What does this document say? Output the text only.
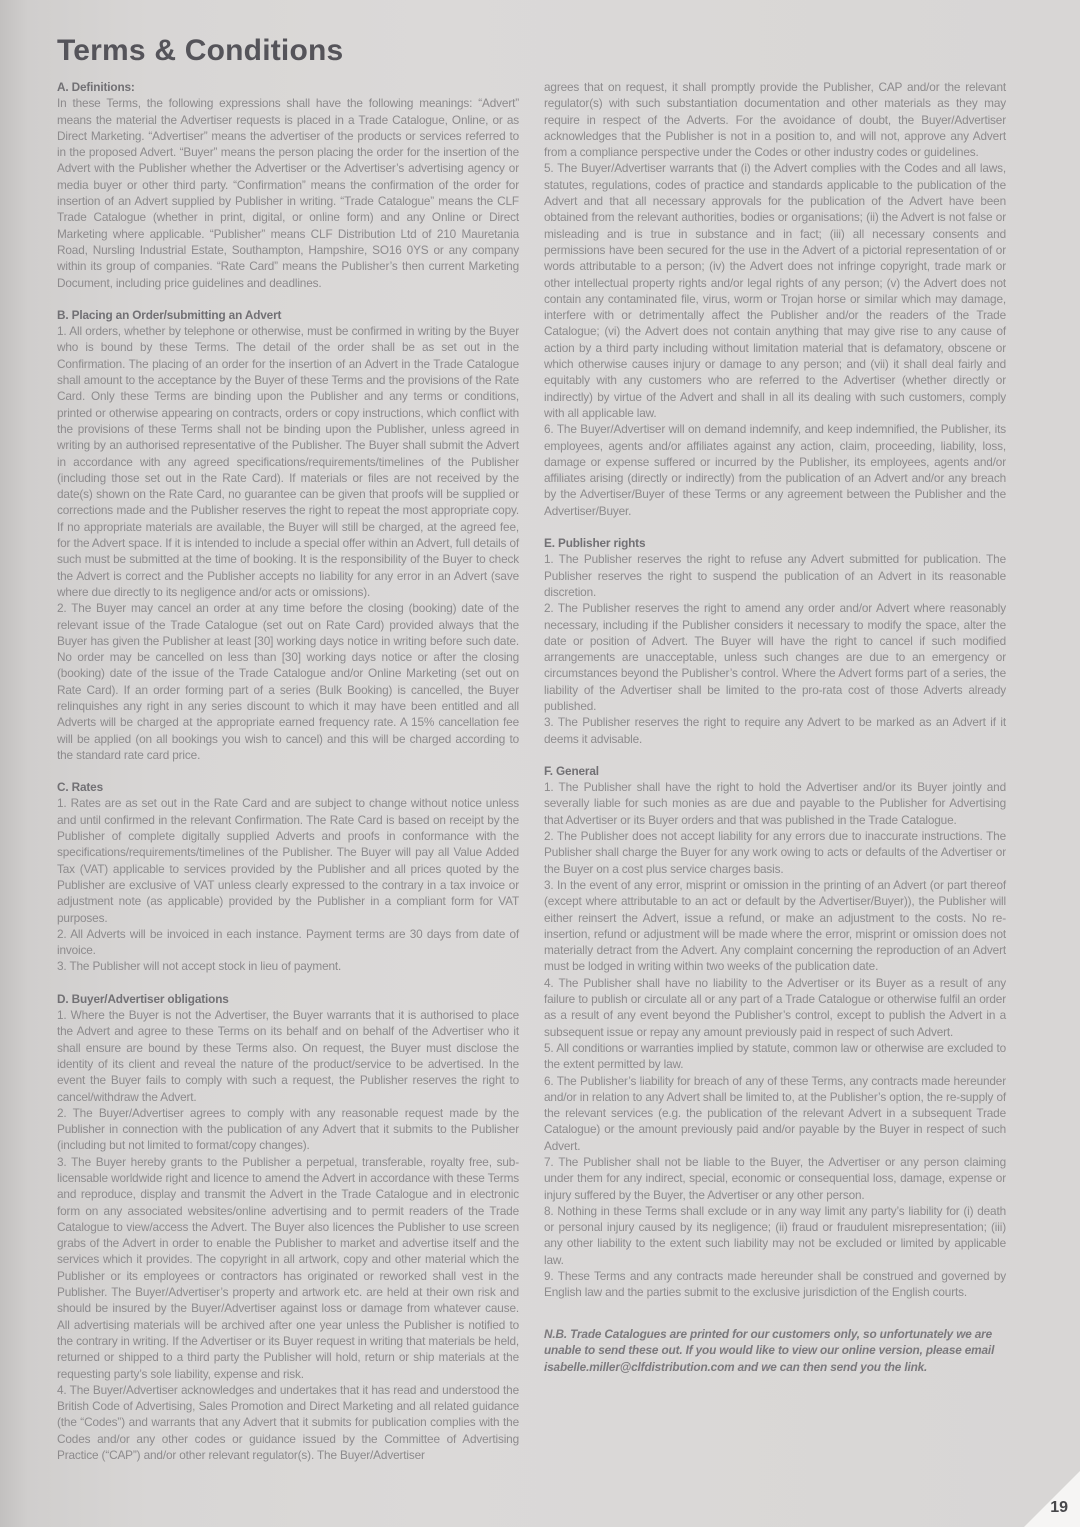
Terms & Conditions

A. Definitions:

In these Terms, the following expressions shall have the following meanings: “Advert” means the material the Advertiser requests is placed in a Trade Catalogue, Online, or as Direct Marketing. “Advertiser” means the advertiser of the products or services referred to in the proposed Advert. “Buyer” means the person placing the order for the insertion of the Advert with the Publisher whether the Advertiser or the Advertiser’s advertising agency or media buyer or other third party. “Confirmation” means the confirmation of the order for insertion of an Advert supplied by Publisher in writing. “Trade Catalogue” means the CLF Trade Catalogue (whether in print, digital, or online form) and any Online or Direct Marketing where applicable. “Publisher” means CLF Distribution Ltd of 210 Mauretania Road, Nursling Industrial Estate, Southampton, Hampshire, SO16 0YS or any company within its group of companies. “Rate Card” means the Publisher’s then current Marketing Document, including price guidelines and deadlines.

B. Placing an Order/submitting an Advert

1. All orders, whether by telephone or otherwise, must be confirmed in writing by the Buyer who is bound by these Terms. The detail of the order shall be as set out in the Confirmation. The placing of an order for the insertion of an Advert in the Trade Catalogue shall amount to the acceptance by the Buyer of these Terms and the provisions of the Rate Card. Only these Terms are binding upon the Publisher and any terms or conditions, printed or otherwise appearing on contracts, orders or copy instructions, which conflict with the provisions of these Terms shall not be binding upon the Publisher, unless agreed in writing by an authorised representative of the Publisher. The Buyer shall submit the Advert in accordance with any agreed specifications/requirements/timelines of the Publisher (including those set out in the Rate Card). If materials or files are not received by the date(s) shown on the Rate Card, no guarantee can be given that proofs will be supplied or corrections made and the Publisher reserves the right to repeat the most appropriate copy. If no appropriate materials are available, the Buyer will still be charged, at the agreed fee, for the Advert space. If it is intended to include a special offer within an Advert, full details of such must be submitted at the time of booking. It is the responsibility of the Buyer to check the Advert is correct and the Publisher accepts no liability for any error in an Advert (save where due directly to its negligence and/or acts or omissions).

2. The Buyer may cancel an order at any time before the closing (booking) date of the relevant issue of the Trade Catalogue (set out on Rate Card) provided always that the Buyer has given the Publisher at least [30] working days notice in writing before such date. No order may be cancelled on less than [30] working days notice or after the closing (booking) date of the issue of the Trade Catalogue and/or Online Marketing (set out on Rate Card). If an order forming part of a series (Bulk Booking) is cancelled, the Buyer relinquishes any right in any series discount to which it may have been entitled and all Adverts will be charged at the appropriate earned frequency rate. A 15% cancellation fee will be applied (on all bookings you wish to cancel) and this will be charged according to the standard rate card price.

C. Rates

1. Rates are as set out in the Rate Card and are subject to change without notice unless and until confirmed in the relevant Confirmation. The Rate Card is based on receipt by the Publisher of complete digitally supplied Adverts and proofs in conformance with the specifications/requirements/timelines of the Publisher. The Buyer will pay all Value Added Tax (VAT) applicable to services provided by the Publisher and all prices quoted by the Publisher are exclusive of VAT unless clearly expressed to the contrary in a tax invoice or adjustment note (as applicable) provided by the Publisher in a compliant form for VAT purposes.

2. All Adverts will be invoiced in each instance. Payment terms are 30 days from date of invoice.

3. The Publisher will not accept stock in lieu of payment.

D. Buyer/Advertiser obligations

1. Where the Buyer is not the Advertiser, the Buyer warrants that it is authorised to place the Advert and agree to these Terms on its behalf and on behalf of the Advertiser who it shall ensure are bound by these Terms also. On request, the Buyer must disclose the identity of its client and reveal the nature of the product/service to be advertised. In the event the Buyer fails to comply with such a request, the Publisher reserves the right to cancel/withdraw the Advert.

2. The Buyer/Advertiser agrees to comply with any reasonable request made by the Publisher in connection with the publication of any Advert that it submits to the Publisher (including but not limited to format/copy changes).

3. The Buyer hereby grants to the Publisher a perpetual, transferable, royalty free, sub-licensable worldwide right and licence to amend the Advert in accordance with these Terms and reproduce, display and transmit the Advert in the Trade Catalogue and in electronic form on any associated websites/online advertising and to permit readers of the Trade Catalogue to view/access the Advert. The Buyer also licences the Publisher to use screen grabs of the Advert in order to enable the Publisher to market and advertise itself and the services which it provides. The copyright in all artwork, copy and other material which the Publisher or its employees or contractors has originated or reworked shall vest in the Publisher. The Buyer/Advertiser’s property and artwork etc. are held at their own risk and should be insured by the Buyer/Advertiser against loss or damage from whatever cause. All advertising materials will be archived after one year unless the Publisher is notified to the contrary in writing. If the Advertiser or its Buyer request in writing that materials be held, returned or shipped to a third party the Publisher will hold, return or ship materials at the requesting party’s sole liability, expense and risk.

4. The Buyer/Advertiser acknowledges and undertakes that it has read and understood the British Code of Advertising, Sales Promotion and Direct Marketing and all related guidance (the “Codes”) and warrants that any Advert that it submits for publication complies with the Codes and/or any other codes or guidance issued by the Committee of Advertising Practice (“CAP”) and/or other relevant regulator(s). The Buyer/Advertiser

agrees that on request, it shall promptly provide the Publisher, CAP and/or the relevant regulator(s) with such substantiation documentation and other materials as they may require in respect of the Adverts. For the avoidance of doubt, the Buyer/Advertiser acknowledges that the Publisher is not in a position to, and will not, approve any Advert from a compliance perspective under the Codes or other industry codes or guidelines.

5. The Buyer/Advertiser warrants that (i) the Advert complies with the Codes and all laws, statutes, regulations, codes of practice and standards applicable to the publication of the Advert and that all necessary approvals for the publication of the Advert have been obtained from the relevant authorities, bodies or organisations; (ii) the Advert is not false or misleading and is true in substance and in fact; (iii) all necessary consents and permissions have been secured for the use in the Advert of a pictorial representation of or words attributable to a person; (iv) the Advert does not infringe copyright, trade mark or other intellectual property rights and/or legal rights of any person; (v) the Advert does not contain any contaminated file, virus, worm or Trojan horse or similar which may damage, interfere with or detrimentally affect the Publisher and/or the readers of the Trade Catalogue; (vi) the Advert does not contain anything that may give rise to any cause of action by a third party including without limitation material that is defamatory, obscene or which otherwise causes injury or damage to any person; and (vii) it shall deal fairly and equitably with any customers who are referred to the Advertiser (whether directly or indirectly) by virtue of the Advert and shall in all its dealing with such customers, comply with all applicable law.

6. The Buyer/Advertiser will on demand indemnify, and keep indemnified, the Publisher, its employees, agents and/or affiliates against any action, claim, proceeding, liability, loss, damage or expense suffered or incurred by the Publisher, its employees, agents and/or affiliates arising (directly or indirectly) from the publication of an Advert and/or any breach by the Advertiser/Buyer of these Terms or any agreement between the Publisher and the Advertiser/Buyer.

E. Publisher rights

1. The Publisher reserves the right to refuse any Advert submitted for publication. The Publisher reserves the right to suspend the publication of an Advert in its reasonable discretion.

2. The Publisher reserves the right to amend any order and/or Advert where reasonably necessary, including if the Publisher considers it necessary to modify the space, alter the date or position of Advert. The Buyer will have the right to cancel if such modified arrangements are unacceptable, unless such changes are due to an emergency or circumstances beyond the Publisher’s control. Where the Advert forms part of a series, the liability of the Advertiser shall be limited to the pro-rata cost of those Adverts already published.

3. The Publisher reserves the right to require any Advert to be marked as an Advert if it deems it advisable.

F. General

1. The Publisher shall have the right to hold the Advertiser and/or its Buyer jointly and severally liable for such monies as are due and payable to the Publisher for Advertising that Advertiser or its Buyer orders and that was published in the Trade Catalogue.

2. The Publisher does not accept liability for any errors due to inaccurate instructions. The Publisher shall charge the Buyer for any work owing to acts or defaults of the Advertiser or the Buyer on a cost plus service charges basis.

3. In the event of any error, misprint or omission in the printing of an Advert (or part thereof (except where attributable to an act or default by the Advertiser/Buyer)), the Publisher will either reinsert the Advert, issue a refund, or make an adjustment to the costs. No re-insertion, refund or adjustment will be made where the error, misprint or omission does not materially detract from the Advert. Any complaint concerning the reproduction of an Advert must be lodged in writing within two weeks of the publication date.

4. The Publisher shall have no liability to the Advertiser or its Buyer as a result of any failure to publish or circulate all or any part of a Trade Catalogue or otherwise fulfil an order as a result of any event beyond the Publisher’s control, except to publish the Advert in a subsequent issue or repay any amount previously paid in respect of such Advert.

5. All conditions or warranties implied by statute, common law or otherwise are excluded to the extent permitted by law.

6. The Publisher’s liability for breach of any of these Terms, any contracts made hereunder and/or in relation to any Advert shall be limited to, at the Publisher’s option, the re-supply of the relevant services (e.g. the publication of the relevant Advert in a subsequent Trade Catalogue) or the amount previously paid and/or payable by the Buyer in respect of such Advert.

7. The Publisher shall not be liable to the Buyer, the Advertiser or any person claiming under them for any indirect, special, economic or consequential loss, damage, expense or injury suffered by the Buyer, the Advertiser or any other person.

8. Nothing in these Terms shall exclude or in any way limit any party’s liability for (i) death or personal injury caused by its negligence; (ii) fraud or fraudulent misrepresentation; (iii) any other liability to the extent such liability may not be excluded or limited by applicable law.

9. These Terms and any contracts made hereunder shall be construed and governed by English law and the parties submit to the exclusive jurisdiction of the English courts.

N.B. Trade Catalogues are printed for our customers only, so unfortunately we are unable to send these out. If you would like to view our online version, please email isabelle.miller@clfdistribution.com and we can then send you the link.

19
